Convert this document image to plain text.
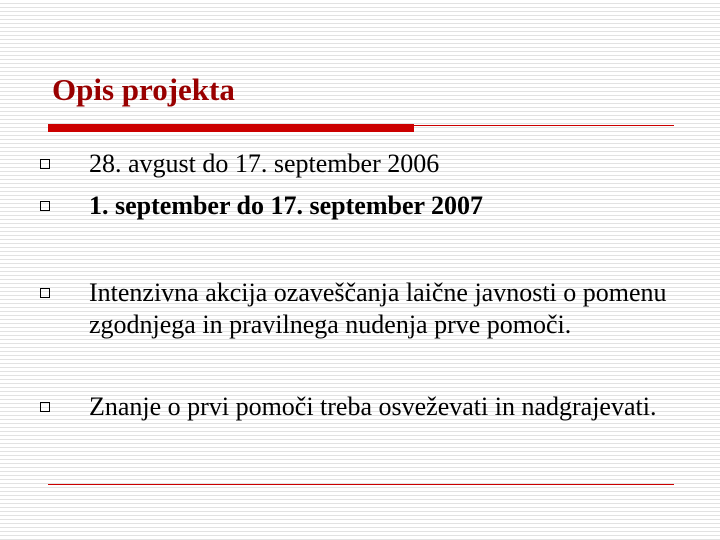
Opis projekta
28. avgust do 17. september 2006
1. september do 17. september 2007
Intenzivna akcija ozaveščanja laične javnosti o pomenu zgodnjega in pravilnega nudenja prve pomoči.
Znanje o prvi pomoči treba osveževati in nadgrajevati.
